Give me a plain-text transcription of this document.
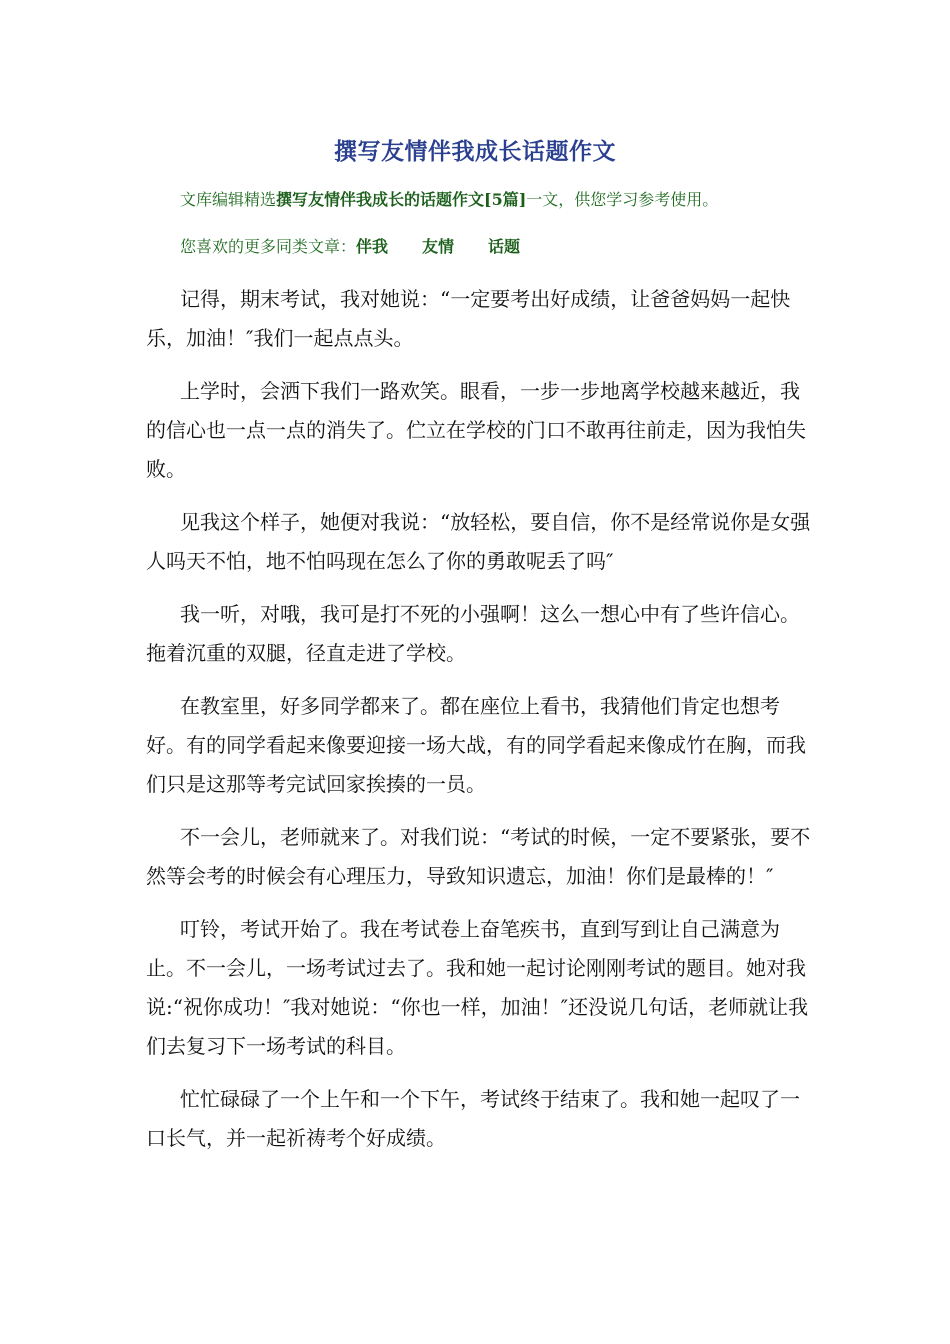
撰写友情伴我成长话题作文
文库编辑精选撰写友情伴我成长的话题作文[5篇]一文，供您学习参考使用。
您喜欢的更多同类文章：伴我 友情 话题

记得，期末考试，我对她说：“一定要考出好成绩，让爸爸妈妈一起快乐，加油！″我们一起点点头。

上学时，会洒下我们一路欢笑。眼看，一步一步地离学校越来越近，我的信心也一点一点的消失了。伫立在学校的门口不敢再往前走，因为我怕失败。

见我这个样子，她便对我说：“放轻松，要自信，你不是经常说你是女强人吗天不怕，地不怕吗现在怎么了你的勇敢呢丢了吗″

我一听，对哦，我可是打不死的小强啊！这么一想心中有了些许信心。拖着沉重的双腿，径直走进了学校。

在教室里，好多同学都来了。都在座位上看书，我猜他们肯定也想考好。有的同学看起来像要迎接一场大战，有的同学看起来像成竹在胸，而我们只是这那等考完试回家挨揍的一员。

不一会儿，老师就来了。对我们说：“考试的时候，一定不要紧张，要不然等会考的时候会有心理压力，导致知识遗忘，加油！你们是最棒的！″

叮铃，考试开始了。我在考试卷上奋笔疾书，直到写到让自己满意为止。不一会儿，一场考试过去了。我和她一起讨论刚刚考试的题目。她对我说:“祝你成功！″我对她说：“你也一样，加油！″还没说几句话，老师就让我们去复习下一场考试的科目。

忙忙碌碌了一个上午和一个下午，考试终于结束了。我和她一起叹了一口长气，并一起祈祷考个好成绩。
